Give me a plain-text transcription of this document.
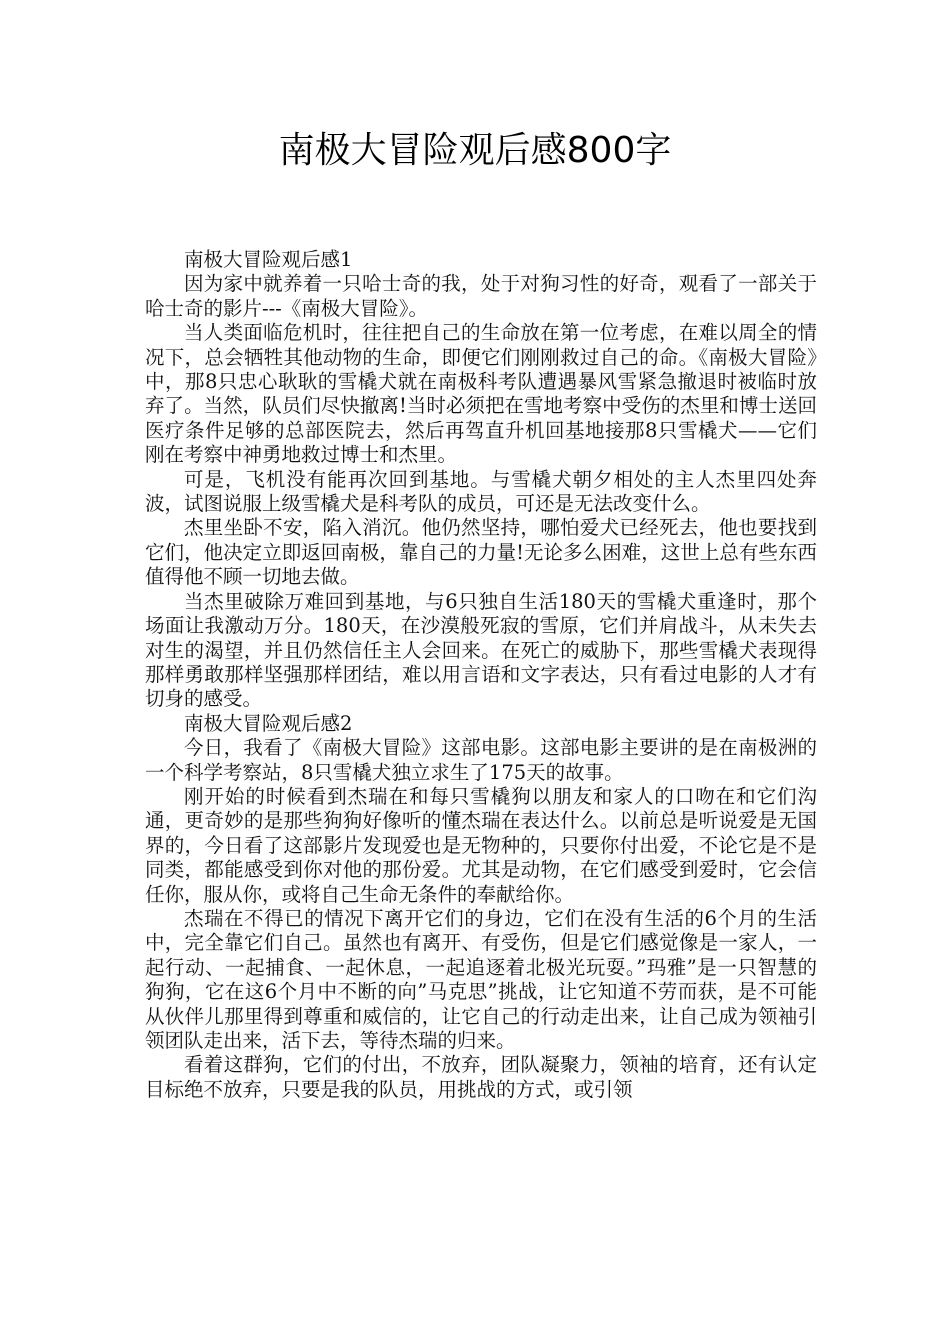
南极大冒险观后感800字

南极大冒险观后感1

因为家中就养着一只哈士奇的我，处于对狗习性的好奇，观看了一部关于哈士奇的影片---《南极大冒险》。

当人类面临危机时，往往把自己的生命放在第一位考虑，在难以周全的情况下，总会牺牲其他动物的生命，即便它们刚刚救过自己的命。《南极大冒险》中，那8只忠心耿耿的雪橇犬就在南极科考队遭遇暴风雪紧急撤退时被临时放弃了。当然，队员们尽快撤离!当时必须把在雪地考察中受伤的杰里和博士送回医疗条件足够的总部医院去，然后再驾直升机回基地接那8只雪橇犬——它们刚在考察中神勇地救过博士和杰里。

可是，飞机没有能再次回到基地。与雪橇犬朝夕相处的主人杰里四处奔波，试图说服上级雪橇犬是科考队的成员，可还是无法改变什么。

杰里坐卧不安，陷入消沉。他仍然坚持，哪怕爱犬已经死去，他也要找到它们，他决定立即返回南极，靠自己的力量!无论多么困难，这世上总有些东西值得他不顾一切地去做。

当杰里破除万难回到基地，与6只独自生活180天的雪橇犬重逢时，那个场面让我激动万分。180天，在沙漠般死寂的雪原，它们并肩战斗，从未失去对生的渴望，并且仍然信任主人会回来。在死亡的威胁下，那些雪橇犬表现得那样勇敢那样坚强那样团结，难以用言语和文字表达，只有看过电影的人才有切身的感受。

南极大冒险观后感2

今日，我看了《南极大冒险》这部电影。这部电影主要讲的是在南极洲的一个科学考察站，8只雪橇犬独立求生了175天的故事。

刚开始的时候看到杰瑞在和每只雪橇狗以朋友和家人的口吻在和它们沟通，更奇妙的是那些狗狗好像听的懂杰瑞在表达什么。以前总是听说爱是无国界的，今日看了这部影片发现爱也是无物种的，只要你付出爱，不论它是不是同类，都能感受到你对他的那份爱。尤其是动物，在它们感受到爱时，它会信任你，服从你，或将自己生命无条件的奉献给你。

杰瑞在不得已的情况下离开它们的身边，它们在没有生活的6个月的生活中，完全靠它们自己。虽然也有离开、有受伤，但是它们感觉像是一家人，一起行动、一起捕食、一起休息，一起追逐着北极光玩耍。”玛雅”是一只智慧的狗狗，它在这6个月中不断的向”马克思”挑战，让它知道不劳而获，是不可能从伙伴儿那里得到尊重和威信的，让它自己的行动走出来，让自己成为领袖引领团队走出来，活下去，等待杰瑞的归来。

看着这群狗，它们的付出，不放弃，团队凝聚力，领袖的培育，还有认定目标绝不放弃，只要是我的队员，用挑战的方式，或引领
